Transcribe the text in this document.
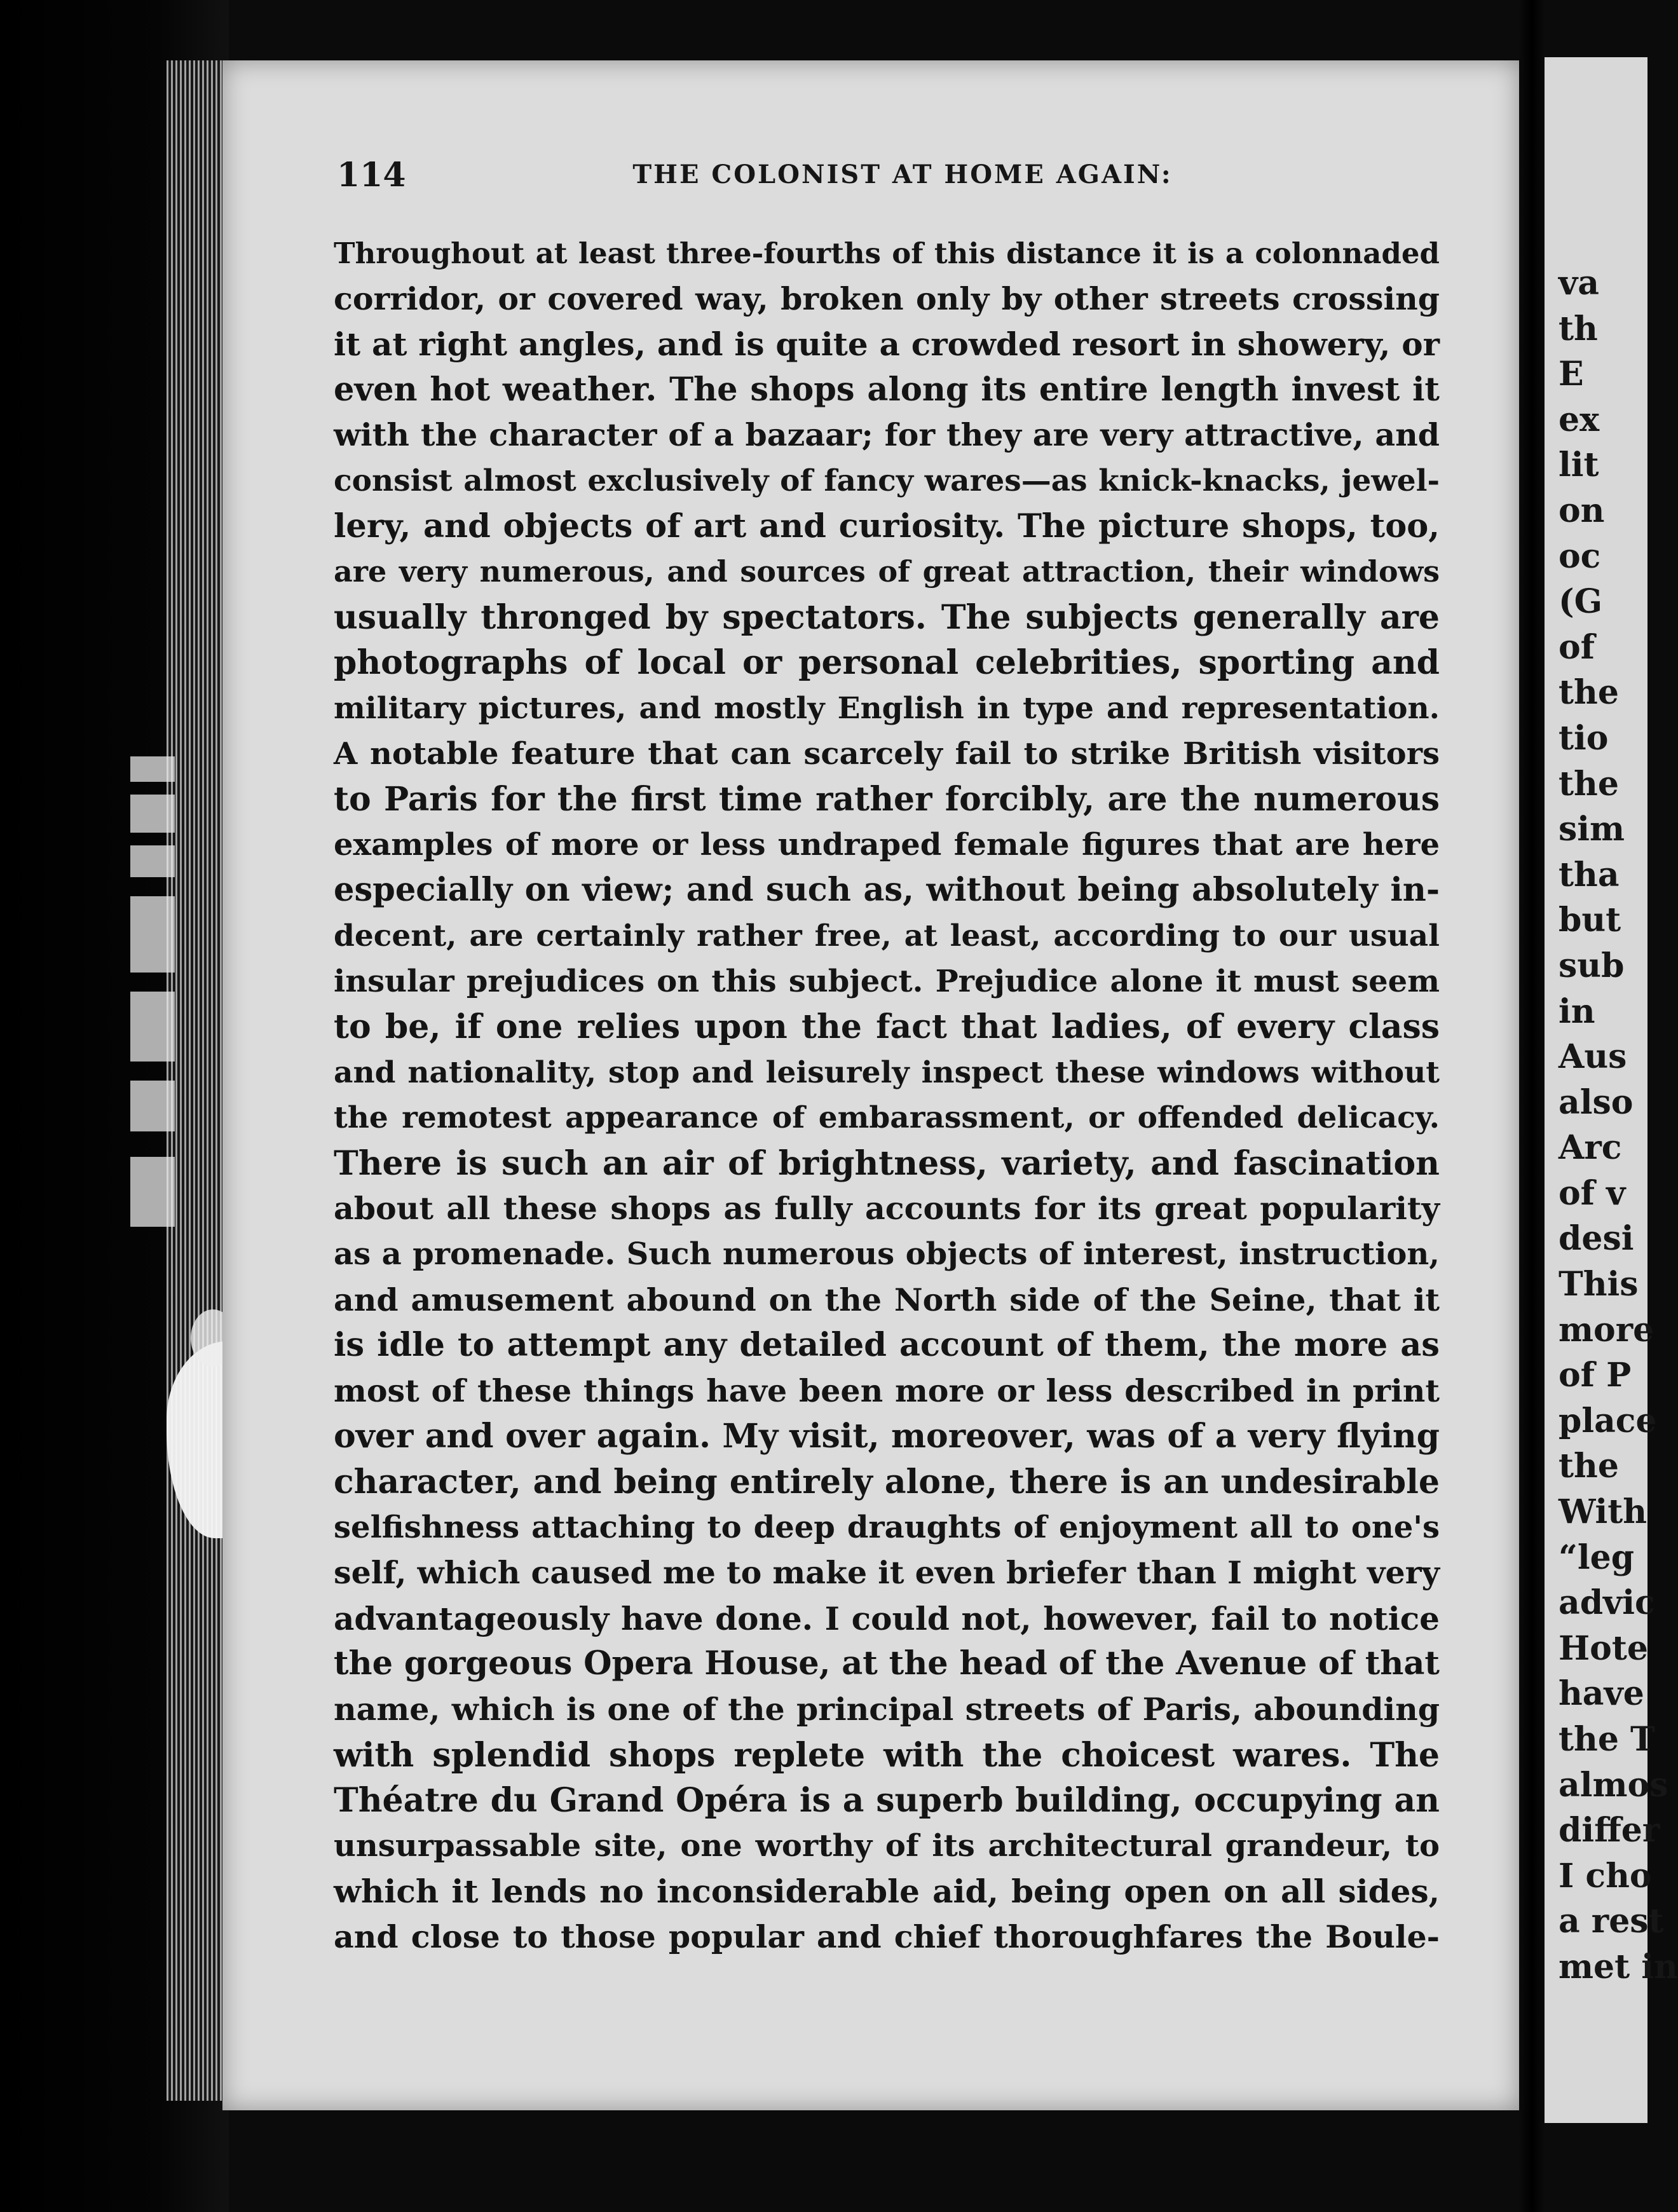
114	THE COLONIST AT HOME AGAIN:
Throughout at least three-fourths of this distance it is a colonnaded
corridor, or covered way, broken only by other streets crossing
it at right angles, and is quite a crowded resort in showery, or
even hot weather. The shops along its entire length invest it
with the character of a bazaar; for they are very attractive, and
consist almost exclusively of fancy wares—as knick-knacks, jewel-
lery, and objects of art and curiosity. The picture shops, too,
are very numerous, and sources of great attraction, their windows
usually thronged by spectators. The subjects generally are
photographs of local or personal celebrities, sporting and
military pictures, and mostly English in type and representation.
A notable feature that can scarcely fail to strike British visitors
to Paris for the first time rather forcibly, are the numerous
examples of more or less undraped female figures that are here
especially on view; and such as, without being absolutely in-
decent, are certainly rather free, at least, according to our usual
insular prejudices on this subject. Prejudice alone it must seem
to be, if one relies upon the fact that ladies, of every class
and nationality, stop and leisurely inspect these windows without
the remotest appearance of embarassment, or offended delicacy.
There is such an air of brightness, variety, and fascination
about all these shops as fully accounts for its great popularity
as a promenade. Such numerous objects of interest, instruction,
and amusement abound on the North side of the Seine, that it
is idle to attempt any detailed account of them, the more as
most of these things have been more or less described in print
over and over again. My visit, moreover, was of a very flying
character, and being entirely alone, there is an undesirable
selfishness attaching to deep draughts of enjoyment all to one's
self, which caused me to make it even briefer than I might very
advantageously have done. I could not, however, fail to notice
the gorgeous Opera House, at the head of the Avenue of that
name, which is one of the principal streets of Paris, abounding
with splendid shops replete with the choicest wares. The
Théatre du Grand Opéra is a superb building, occupying an
unsurpassable site, one worthy of its architectural grandeur, to
which it lends no inconsiderable aid, being open on all sides,
and close to those popular and chief thoroughfares the Boule-
va
th
E
ex
lit
on
oc
(G
of
the
tio
the
sim
tha
but
sub
in
Aus
also
Arc
of v
desi
This
more
of P
place
the
With
“leg
advic
Hote
have
the T
almos
differ
I cho
a rest
met in
